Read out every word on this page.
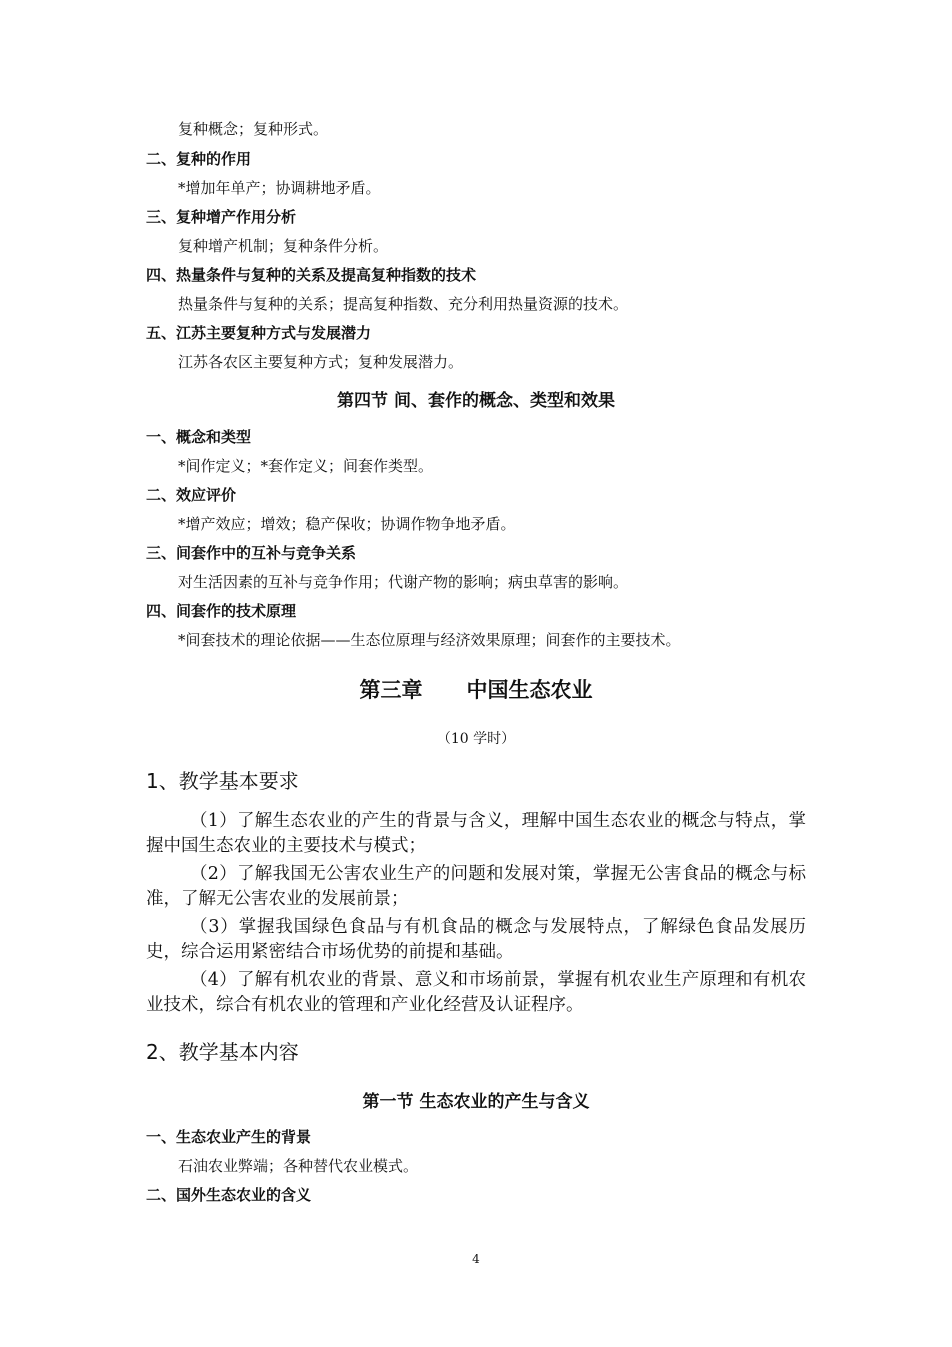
复种概念；复种形式。
二、复种的作用
*增加年单产；协调耕地矛盾。
三、复种增产作用分析
复种增产机制；复种条件分析。
四、热量条件与复种的关系及提高复种指数的技术
热量条件与复种的关系；提高复种指数、充分利用热量资源的技术。
五、江苏主要复种方式与发展潜力
江苏各农区主要复种方式；复种发展潜力。
第四节 间、套作的概念、类型和效果
一、概念和类型
*间作定义；*套作定义；间套作类型。
二、效应评价
*增产效应；增效；稳产保收；协调作物争地矛盾。
三、间套作中的互补与竞争关系
对生活因素的互补与竞争作用；代谢产物的影响；病虫草害的影响。
四、间套作的技术原理
*间套技术的理论依据——生态位原理与经济效果原理；间套作的主要技术。
第三章 中国生态农业
（10 学时）
1、教学基本要求
（1）了解生态农业的产生的背景与含义，理解中国生态农业的概念与特点，掌握中国生态农业的主要技术与模式；
（2）了解我国无公害农业生产的问题和发展对策，掌握无公害食品的概念与标准，了解无公害农业的发展前景；
（3）掌握我国绿色食品与有机食品的概念与发展特点，了解绿色食品发展历史，综合运用紧密结合市场优势的前提和基础。
（4）了解有机农业的背景、意义和市场前景，掌握有机农业生产原理和有机农业技术，综合有机农业的管理和产业化经营及认证程序。
2、教学基本内容
第一节 生态农业的产生与含义
一、生态农业产生的背景
石油农业弊端；各种替代农业模式。
二、国外生态农业的含义
4
